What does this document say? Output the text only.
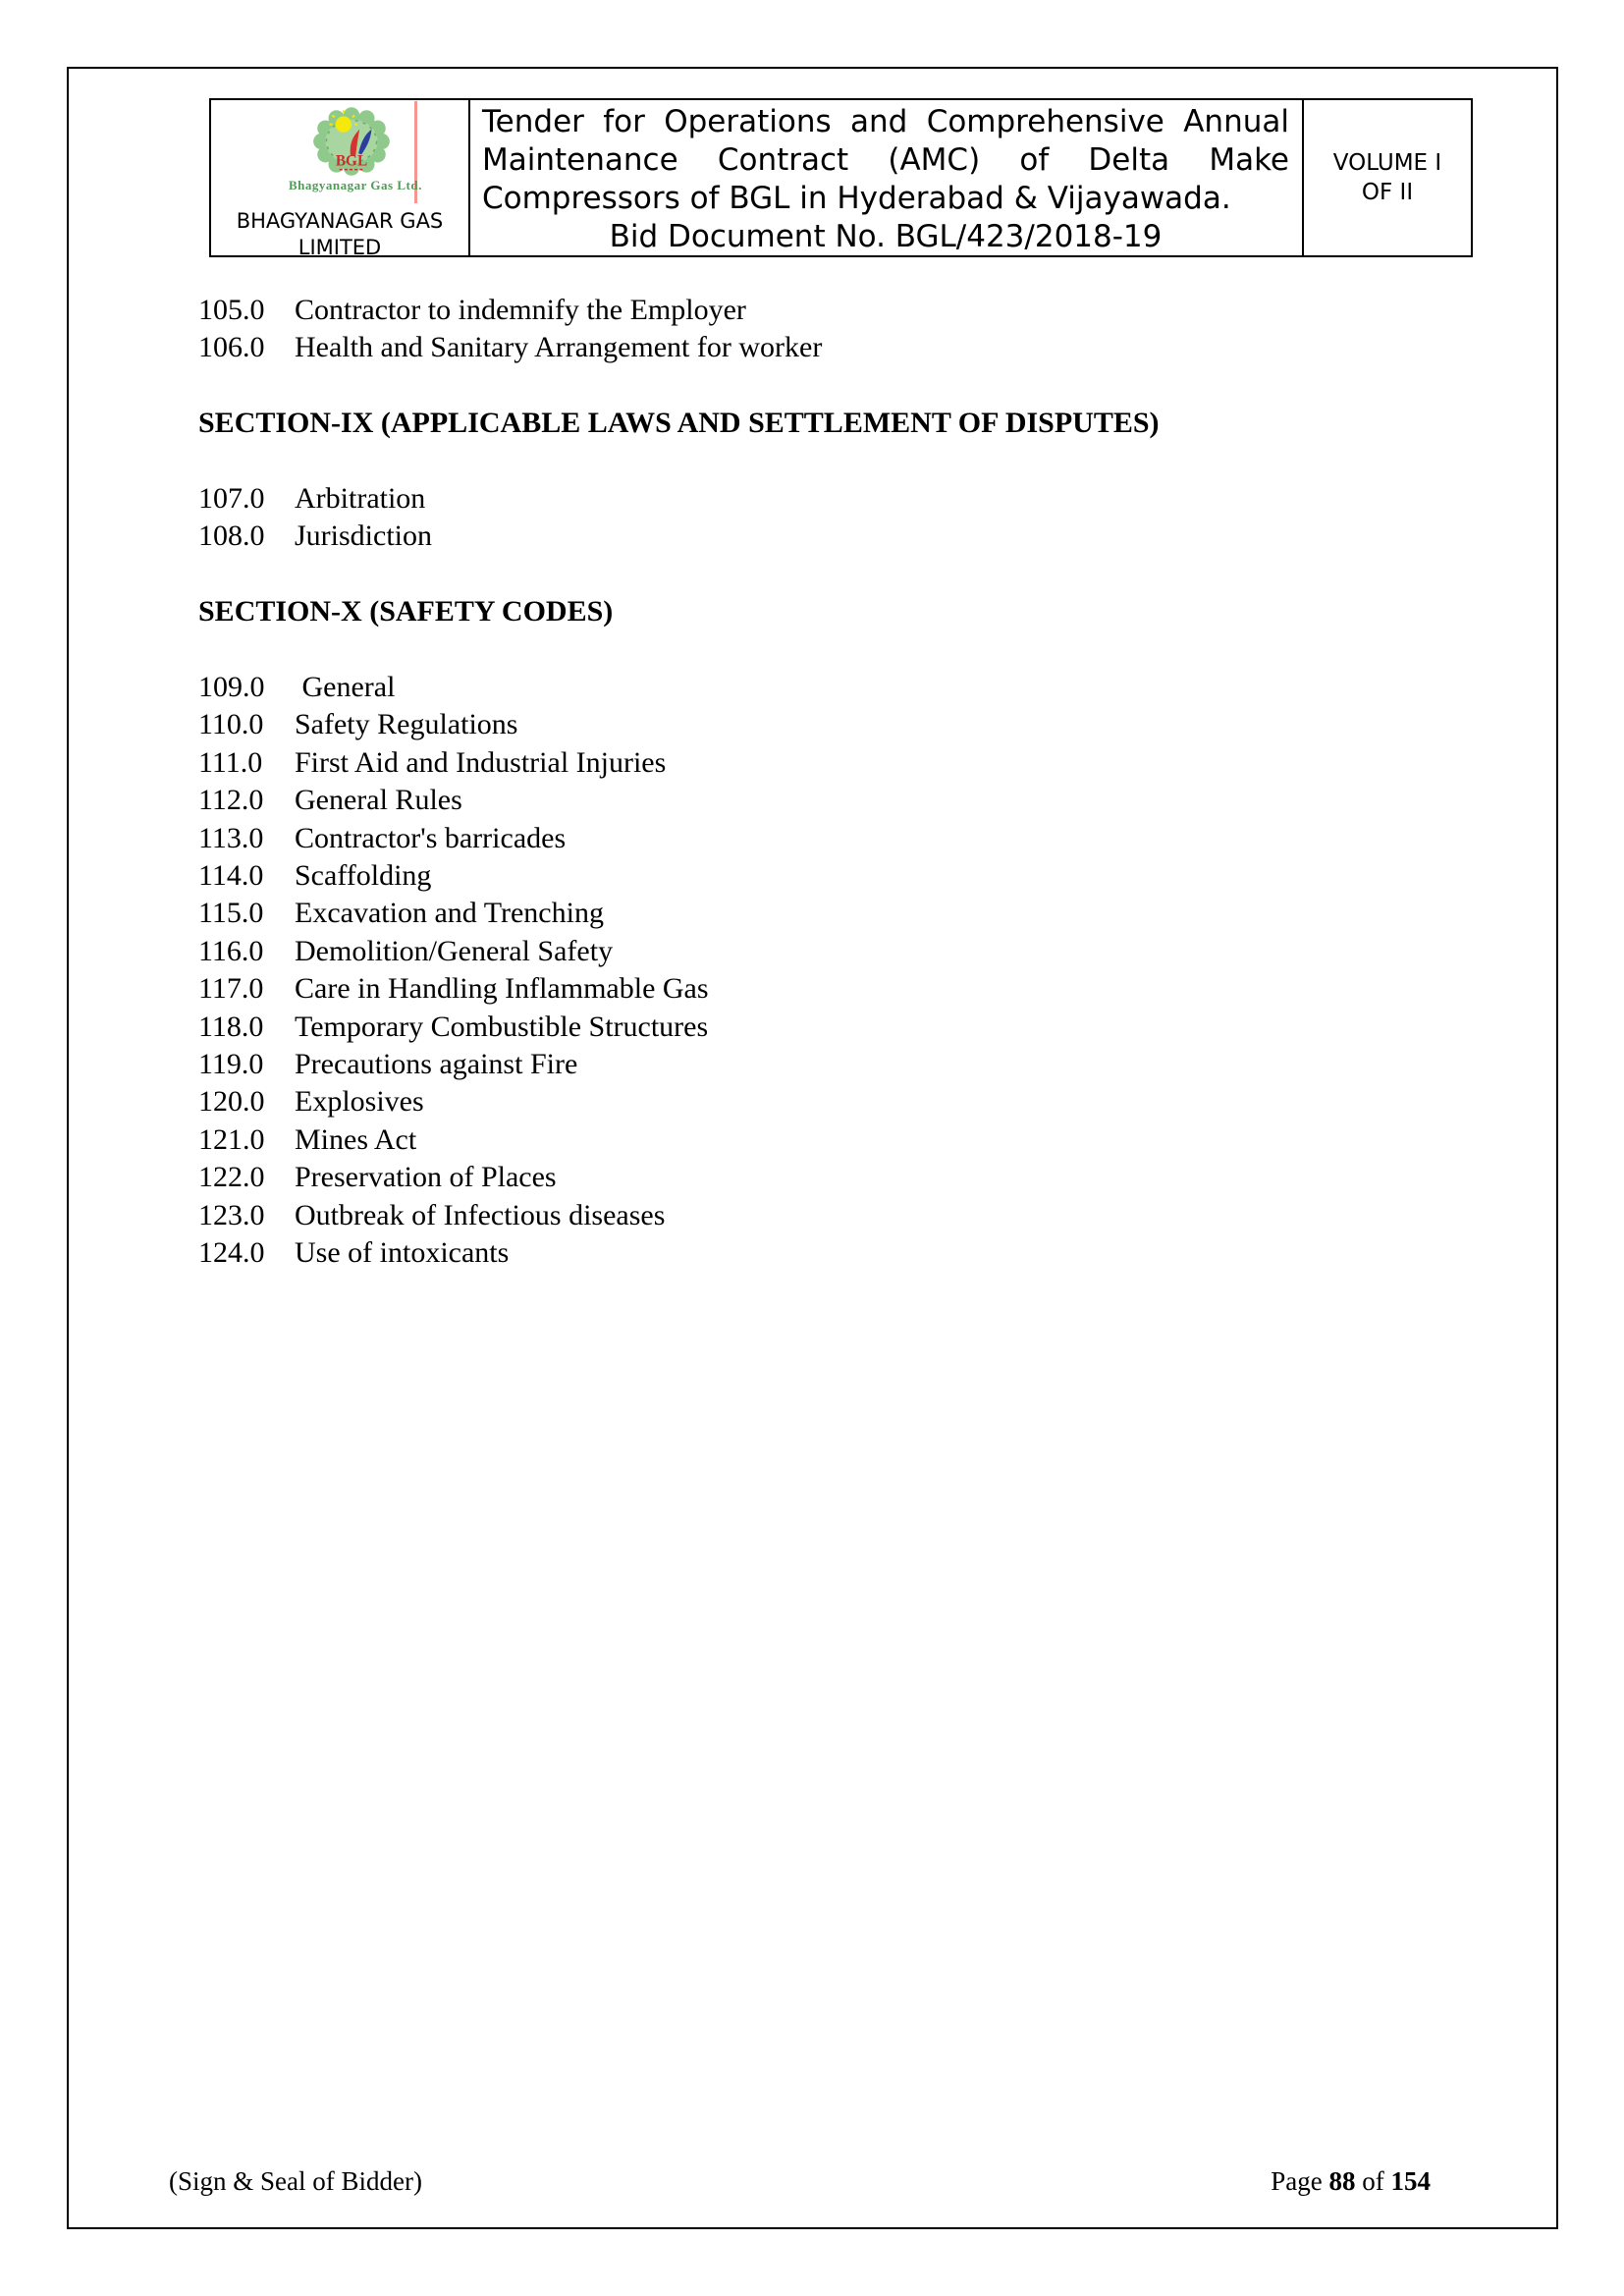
BGL
Bhagyanagar Gas Ltd.
BHAGYANAGAR GAS
LIMITED
Tender for Operations and Comprehensive Annual
Maintenance Contract (AMC) of Delta Make
Compressors of BGL in Hyderabad & Vijayawada.
Bid Document No. BGL/423/2018-19
VOLUME I
OF II
105.0	Contractor to indemnify the Employer
106.0	Health and Sanitary Arrangement for worker
SECTION-IX (APPLICABLE LAWS AND SETTLEMENT OF DISPUTES)
107.0	Arbitration
108.0	Jurisdiction
SECTION-X (SAFETY CODES)
109.0	General
110.0	Safety Regulations
111.0	First Aid and Industrial Injuries
112.0	General Rules
113.0	Contractor's barricades
114.0	Scaffolding
115.0	Excavation and Trenching
116.0	Demolition/General Safety
117.0	Care in Handling Inflammable Gas
118.0	Temporary Combustible Structures
119.0	Precautions against Fire
120.0	Explosives
121.0	Mines Act
122.0	Preservation of Places
123.0	Outbreak of Infectious diseases
124.0	Use of intoxicants
(Sign & Seal of Bidder)	Page 88 of 154
